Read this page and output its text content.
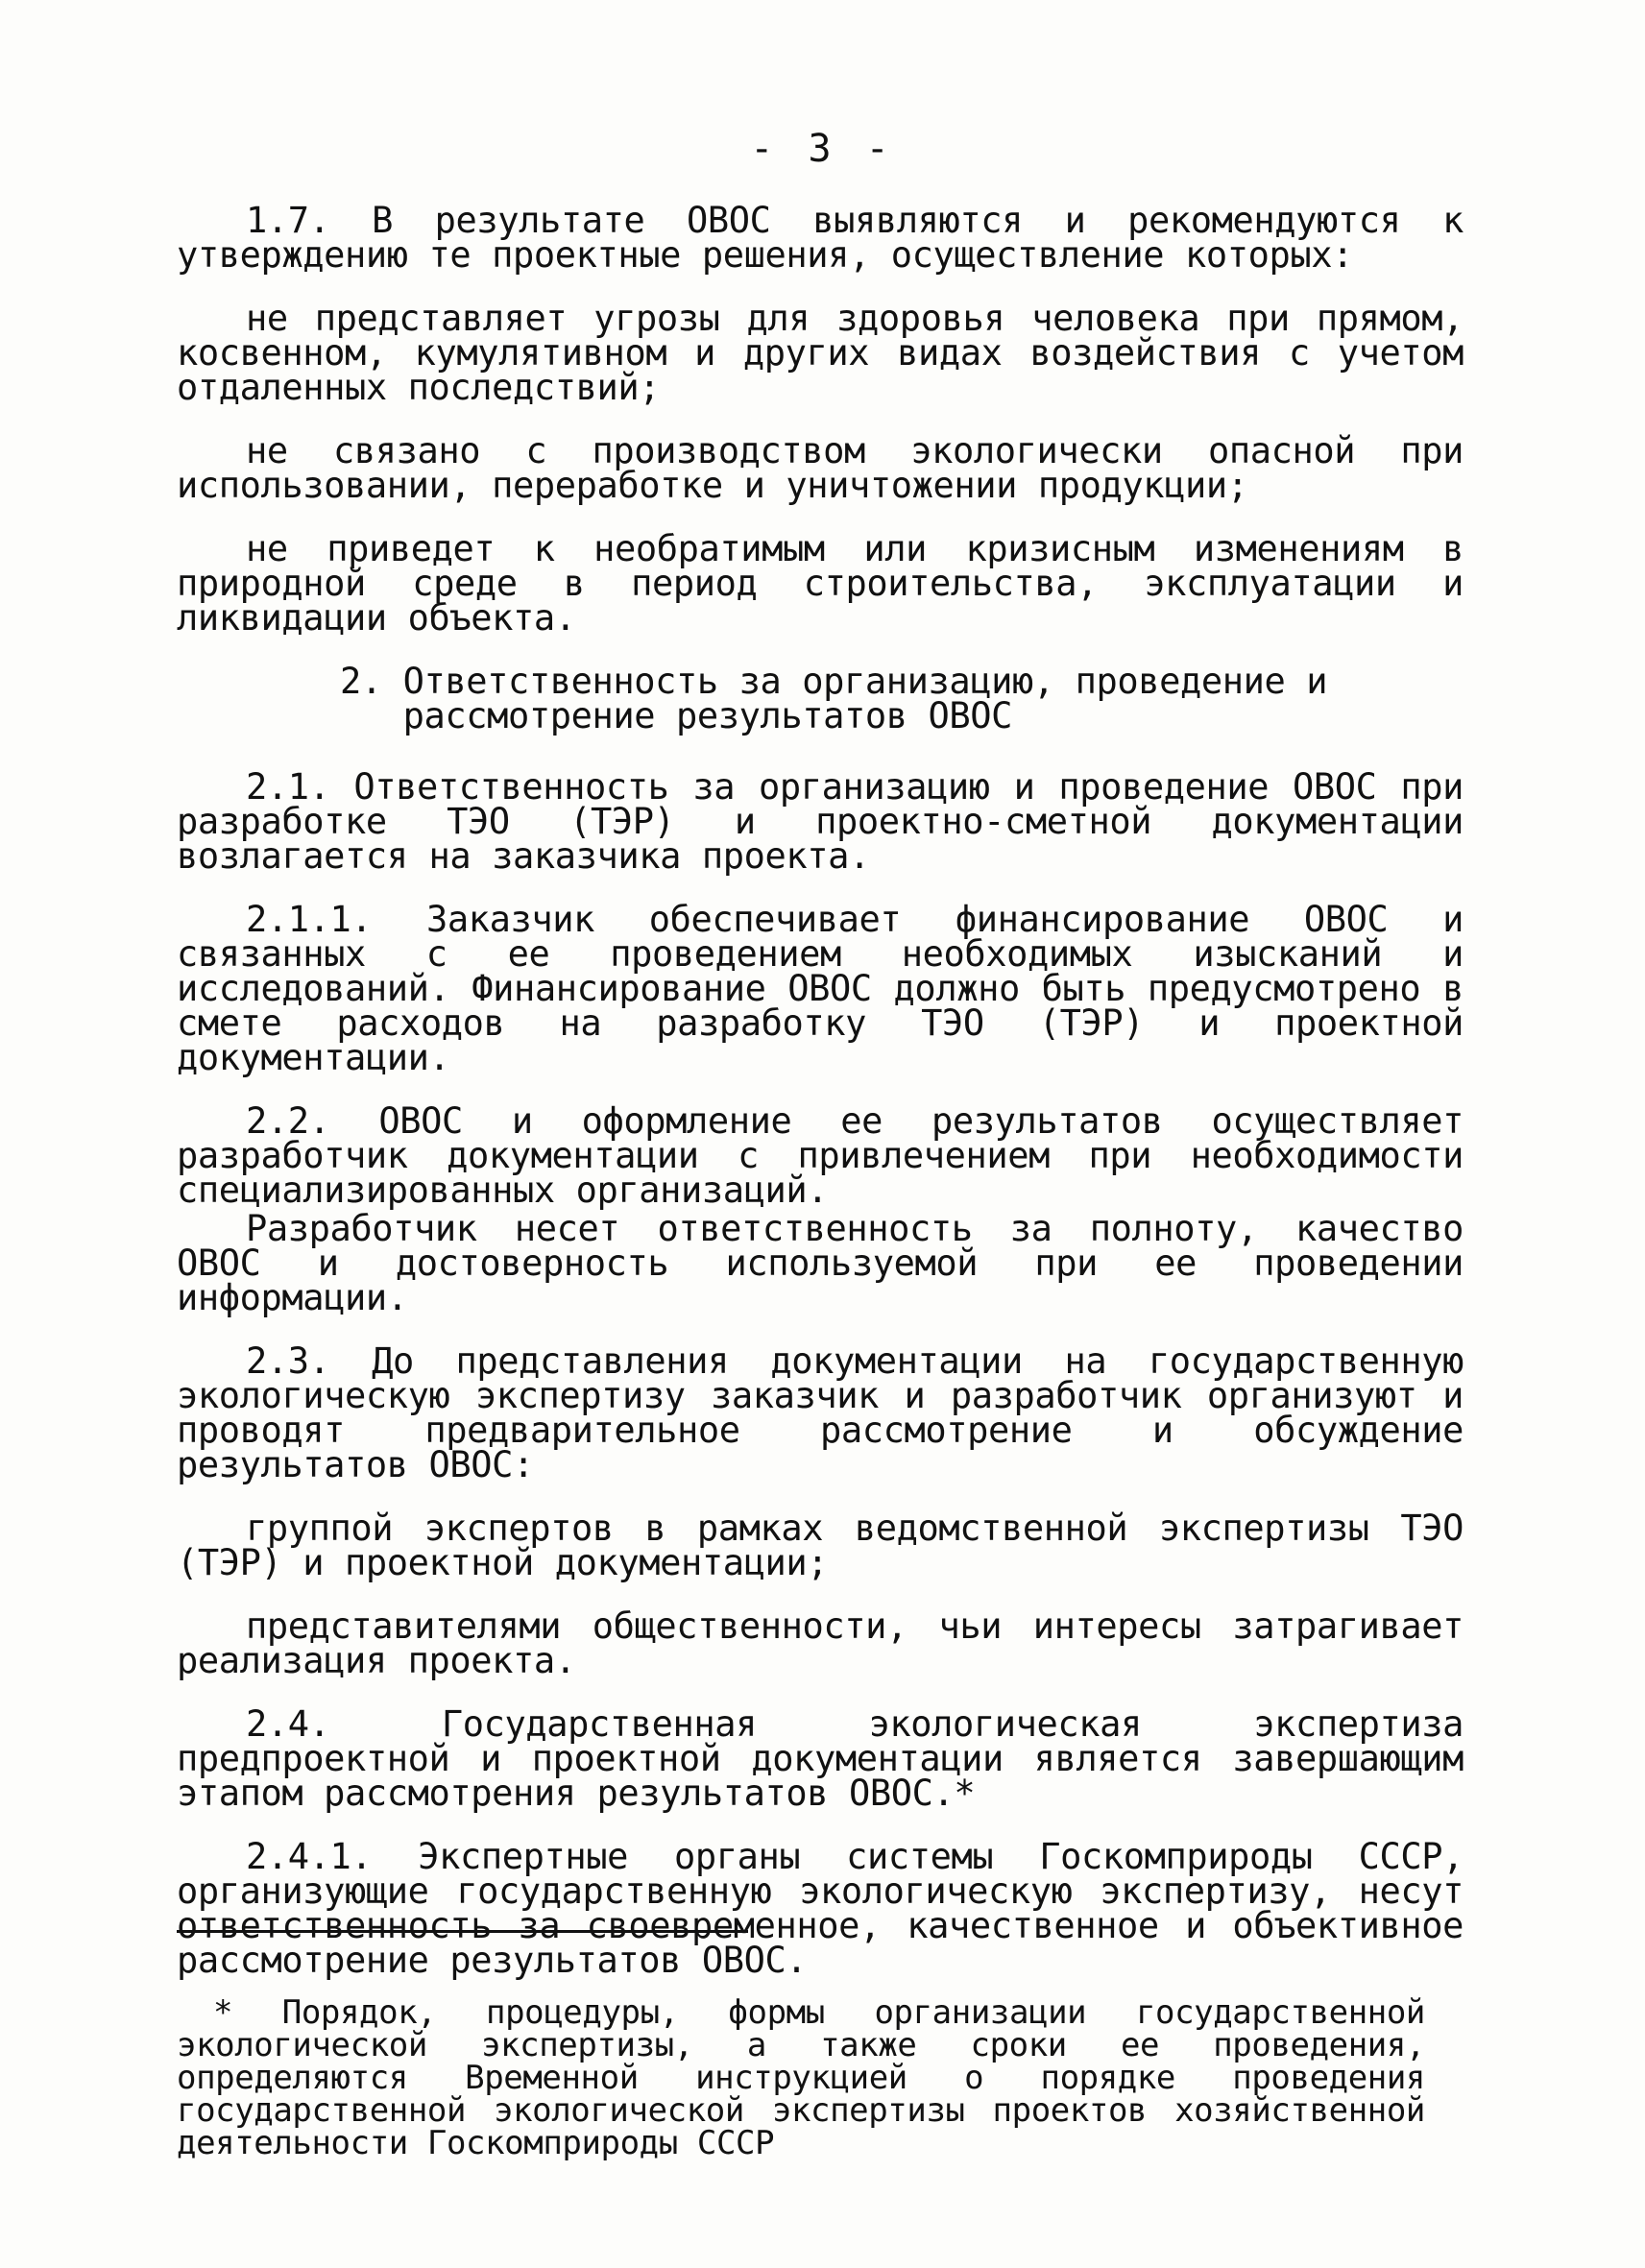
- 3 -

1.7. В результате ОВОС выявляются и рекомендуются к утверждению те проектные решения, осуществление которых:

не представляет угрозы для здоровья человека при прямом, косвенном, кумулятивном и других видах воздействия с учетом отдаленных последствий;

не связано с производством экологически опасной при использовании, переработке и уничтожении продукции;

не приведет к необратимым или кризисным изменениям в природной среде в период строительства, эксплуатации и ликвидации объекта.

2. Ответственность за организацию, проведение и
рассмотрение результатов ОВОС

2.1. Ответственность за организацию и проведение ОВОС при разработке ТЭО (ТЭР) и проектно-сметной документации возлагается на заказчика проекта.

2.1.1. Заказчик обеспечивает финансирование ОВОС и связанных с ее проведением необходимых изысканий и исследований. Финансирование ОВОС должно быть предусмотрено в смете расходов на разработку ТЭО (ТЭР) и проектной документации.

2.2. ОВОС и оформление ее результатов осуществляет разработчик документации с привлечением при необходимости специализированных организаций.

Разработчик несет ответственность за полноту, качество ОВОС и достоверность используемой при ее проведении информации.

2.3. До представления документации на государственную экологическую экспертизу заказчик и разработчик организуют и проводят предварительное рассмотрение и обсуждение результатов ОВОС:

группой экспертов в рамках ведомственной экспертизы ТЭО (ТЭР) и проектной документации;

представителями общественности, чьи интересы затрагивает реализация проекта.

2.4. Государственная экологическая экспертиза предпроектной и проектной документации является завершающим этапом рассмотрения результатов ОВОС.*

2.4.1. Экспертные органы системы Госкомприроды СССР, организующие государственную экологическую экспертизу, несут ответственность за своевременное, качественное и объективное рассмотрение результатов ОВОС.

* Порядок, процедуры, формы организации государственной экологической экспертизы, а также сроки ее проведения, определяются Временной инструкцией о порядке проведения государственной экологической экспертизы проектов хозяйственной деятельности Госкомприроды СССР
